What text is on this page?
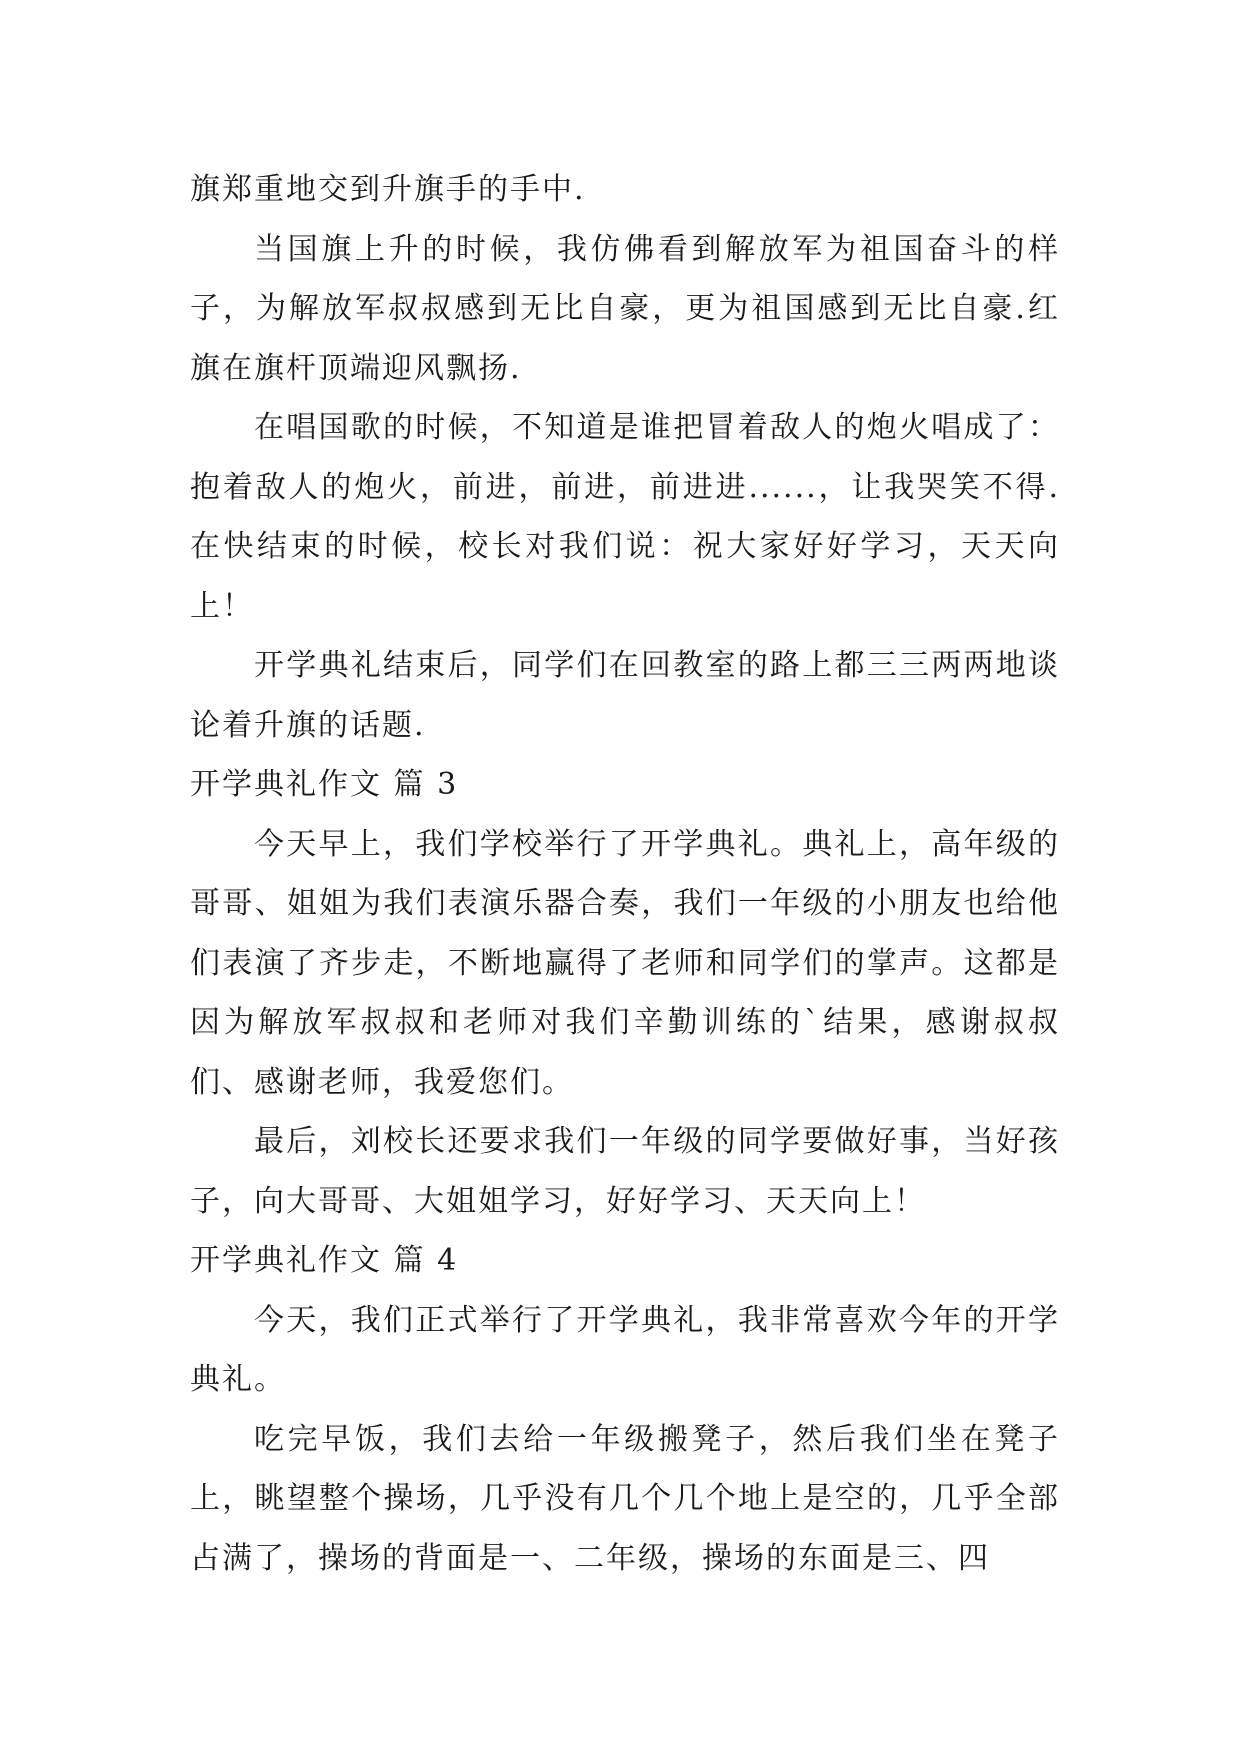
旗郑重地交到升旗手的手中.

当国旗上升的时候，我仿佛看到解放军为祖国奋斗的样子，为解放军叔叔感到无比自豪，更为祖国感到无比自豪.红旗在旗杆顶端迎风飘扬.

在唱国歌的时候，不知道是谁把冒着敌人的炮火唱成了：抱着敌人的炮火，前进，前进，前进进......，让我哭笑不得.在快结束的时候，校长对我们说：祝大家好好学习，天天向上！

开学典礼结束后，同学们在回教室的路上都三三两两地谈论着升旗的话题.

开学典礼作文 篇 3

今天早上，我们学校举行了开学典礼。典礼上，高年级的哥哥、姐姐为我们表演乐器合奏，我们一年级的小朋友也给他们表演了齐步走，不断地赢得了老师和同学们的掌声。这都是因为解放军叔叔和老师对我们辛勤训练的`结果，感谢叔叔们、感谢老师，我爱您们。

最后，刘校长还要求我们一年级的同学要做好事，当好孩子，向大哥哥、大姐姐学习，好好学习、天天向上！

开学典礼作文 篇 4

今天，我们正式举行了开学典礼，我非常喜欢今年的开学典礼。

吃完早饭，我们去给一年级搬凳子，然后我们坐在凳子上，眺望整个操场，几乎没有几个几个地上是空的，几乎全部占满了，操场的背面是一、二年级，操场的东面是三、四
